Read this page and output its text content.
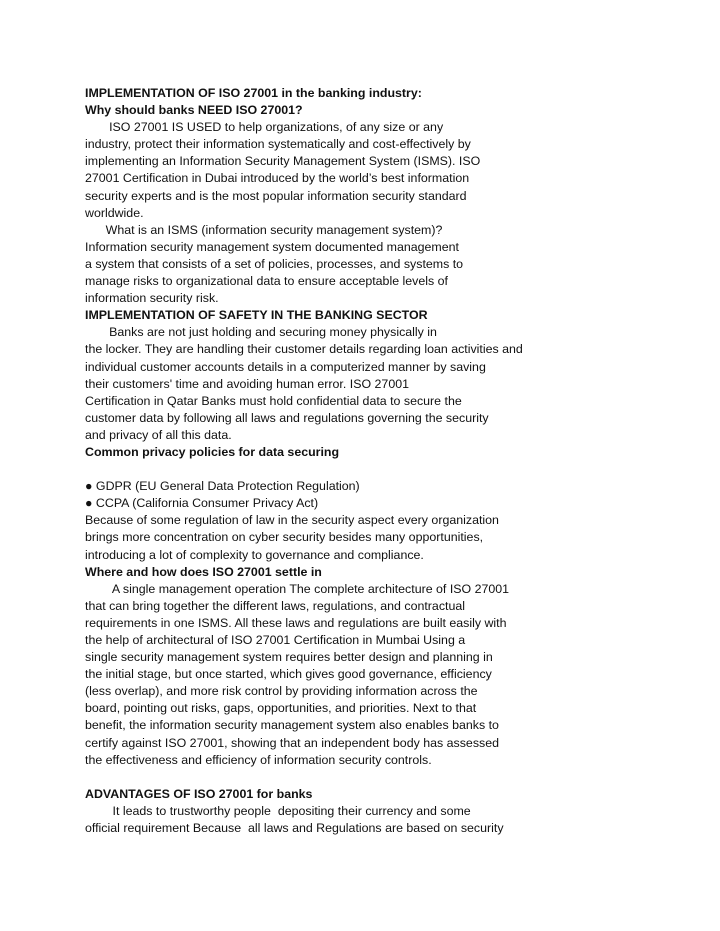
IMPLEMENTATION OF ISO 27001 in the banking industry:
Why should banks NEED ISO 27001?
ISO 27001 IS USED to help organizations, of any size or any
industry, protect their information systematically and cost-effectively by
implementing an Information Security Management System (ISMS). ISO
27001 Certification in Dubai introduced by the world’s best information
security experts and is the most popular information security standard
worldwide.
What is an ISMS (information security management system)?
Information security management system documented management
a system that consists of a set of policies, processes, and systems to
manage risks to organizational data to ensure acceptable levels of
information security risk.
IMPLEMENTATION OF SAFETY IN THE BANKING SECTOR
Banks are not just holding and securing money physically in
the locker. They are handling their customer details regarding loan activities and
individual customer accounts details in a computerized manner by saving
their customers' time and avoiding human error. ISO 27001
Certification in Qatar Banks must hold confidential data to secure the
customer data by following all laws and regulations governing the security
and privacy of all this data.
Common privacy policies for data securing
● GDPR (EU General Data Protection Regulation)
● CCPA (California Consumer Privacy Act)
Because of some regulation of law in the security aspect every organization
brings more concentration on cyber security besides many opportunities,
introducing a lot of complexity to governance and compliance.
Where and how does ISO 27001 settle in
A single management operation The complete architecture of ISO 27001
that can bring together the different laws, regulations, and contractual
requirements in one ISMS. All these laws and regulations are built easily with
the help of architectural of ISO 27001 Certification in Mumbai Using a
single security management system requires better design and planning in
the initial stage, but once started, which gives good governance, efficiency
(less overlap), and more risk control by providing information across the
board, pointing out risks, gaps, opportunities, and priorities. Next to that
benefit, the information security management system also enables banks to
certify against ISO 27001, showing that an independent body has assessed
the effectiveness and efficiency of information security controls.
ADVANTAGES OF ISO 27001 for banks
It leads to trustworthy people  depositing their currency and some
official requirement Because  all laws and Regulations are based on security
